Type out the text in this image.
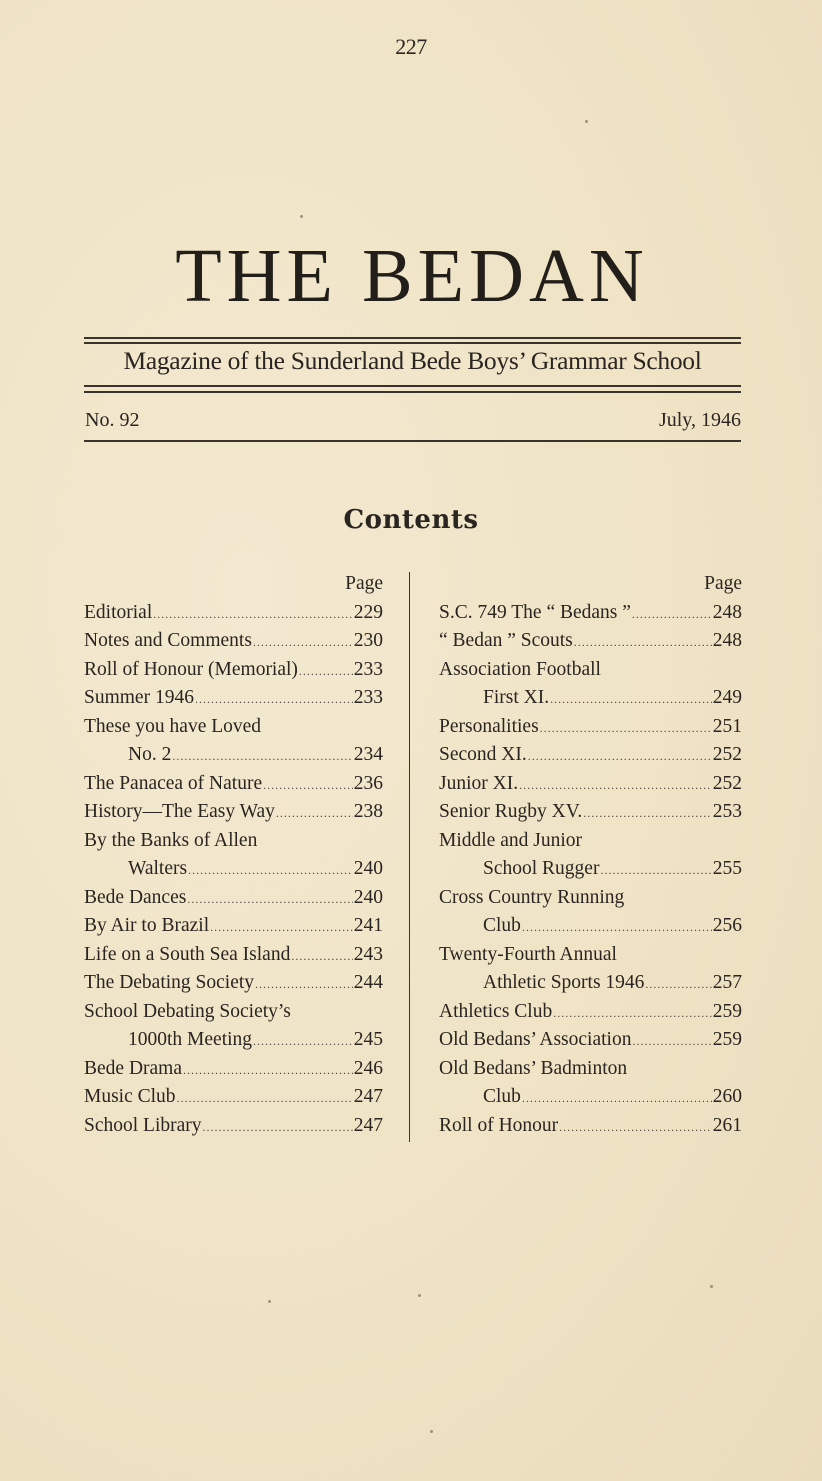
227
THE BEDAN
Magazine of the Sunderland Bede Boys’ Grammar School
No. 92	July, 1946
Contents
Page
Editorial .....	229
Notes and Comments .....	230
Roll of Honour (Memorial) .....	233
Summer 1946 .....	233
These you have Loved
No. 2 .....	234
The Panacea of Nature .....	236
History—The Easy Way .....	238
By the Banks of Allen
Walters .....	240
Bede Dances .....	240
By Air to Brazil .....	241
Life on a South Sea Island .....	243
The Debating Society .....	244
School Debating Society’s
1000th Meeting .....	245
Bede Drama .....	246
Music Club .....	247
School Library .....	247
Page
S.C. 749 The “ Bedans ” .....	248
“ Bedan ” Scouts .....	248
Association Football
First XI. .....	249
Personalities .....	251
Second XI. .....	252
Junior XI. .....	252
Senior Rugby XV. .....	253
Middle and Junior
School Rugger .....	255
Cross Country Running
Club .....	256
Twenty-Fourth Annual
Athletic Sports 1946 .....	257
Athletics Club .....	259
Old Bedans’ Association .....	259
Old Bedans’ Badminton
Club .....	260
Roll of Honour .....	261
